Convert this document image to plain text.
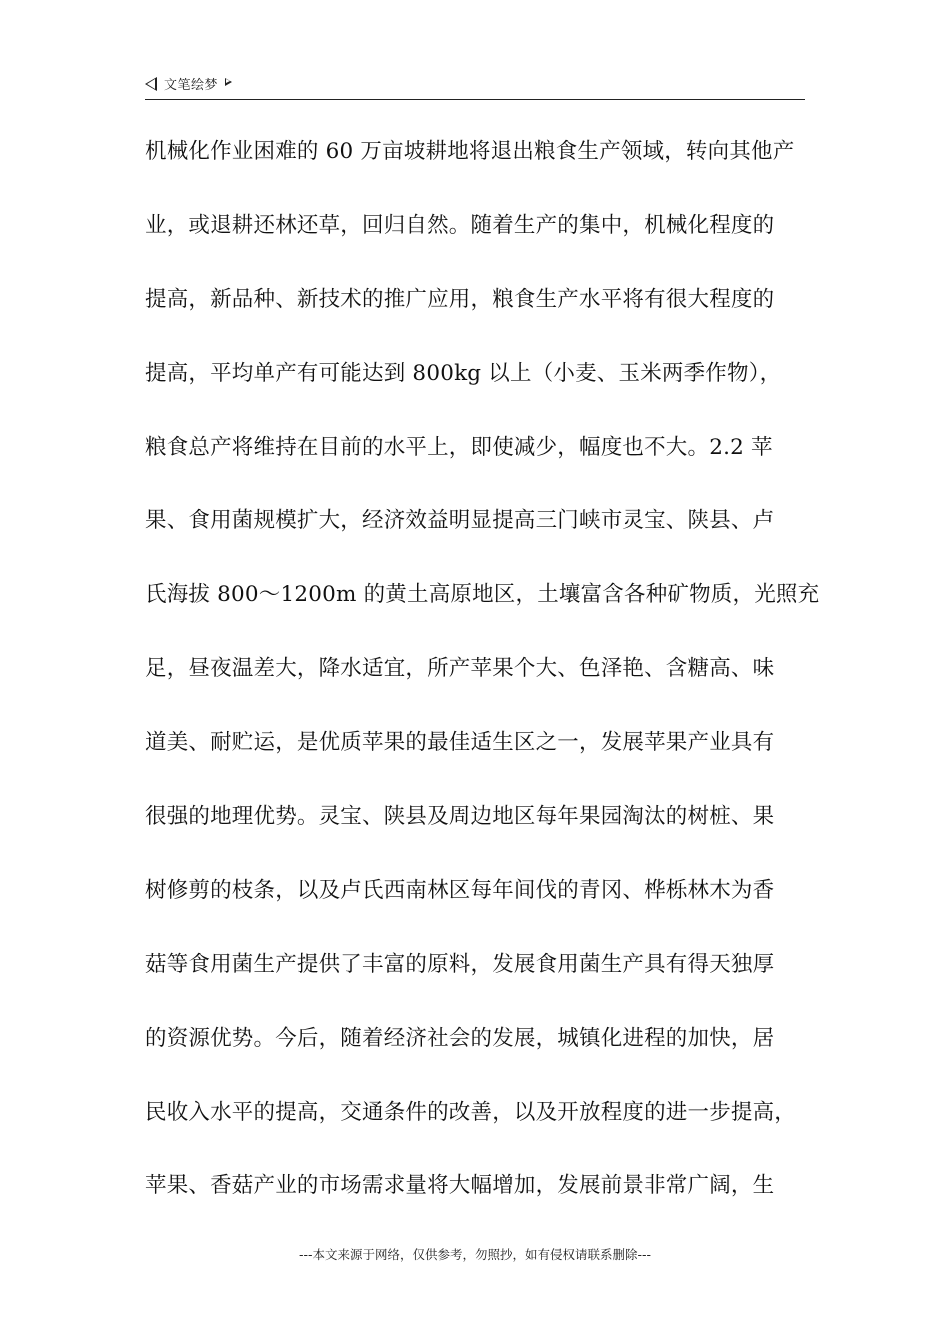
文笔绘梦
机械化作业困难的 60 万亩坡耕地将退出粮食生产领域，转向其他产
业，或退耕还林还草，回归自然。随着生产的集中，机械化程度的
提高，新品种、新技术的推广应用，粮食生产水平将有很大程度的
提高，平均单产有可能达到 800kg 以上（小麦、玉米两季作物），
粮食总产将维持在目前的水平上，即使减少，幅度也不大。2.2 苹
果、食用菌规模扩大，经济效益明显提高三门峡市灵宝、陕县、卢
氏海拔 800～1200m 的黄土高原地区，土壤富含各种矿物质，光照充
足，昼夜温差大，降水适宜，所产苹果个大、色泽艳、含糖高、味
道美、耐贮运，是优质苹果的最佳适生区之一，发展苹果产业具有
很强的地理优势。灵宝、陕县及周边地区每年果园淘汰的树桩、果
树修剪的枝条，以及卢氏西南林区每年间伐的青冈、桦栎林木为香
菇等食用菌生产提供了丰富的原料，发展食用菌生产具有得天独厚
的资源优势。今后，随着经济社会的发展，城镇化进程的加快，居
民收入水平的提高，交通条件的改善，以及开放程度的进一步提高，
苹果、香菇产业的市场需求量将大幅增加，发展前景非常广阔，生
---本文来源于网络，仅供参考，勿照抄，如有侵权请联系删除---
